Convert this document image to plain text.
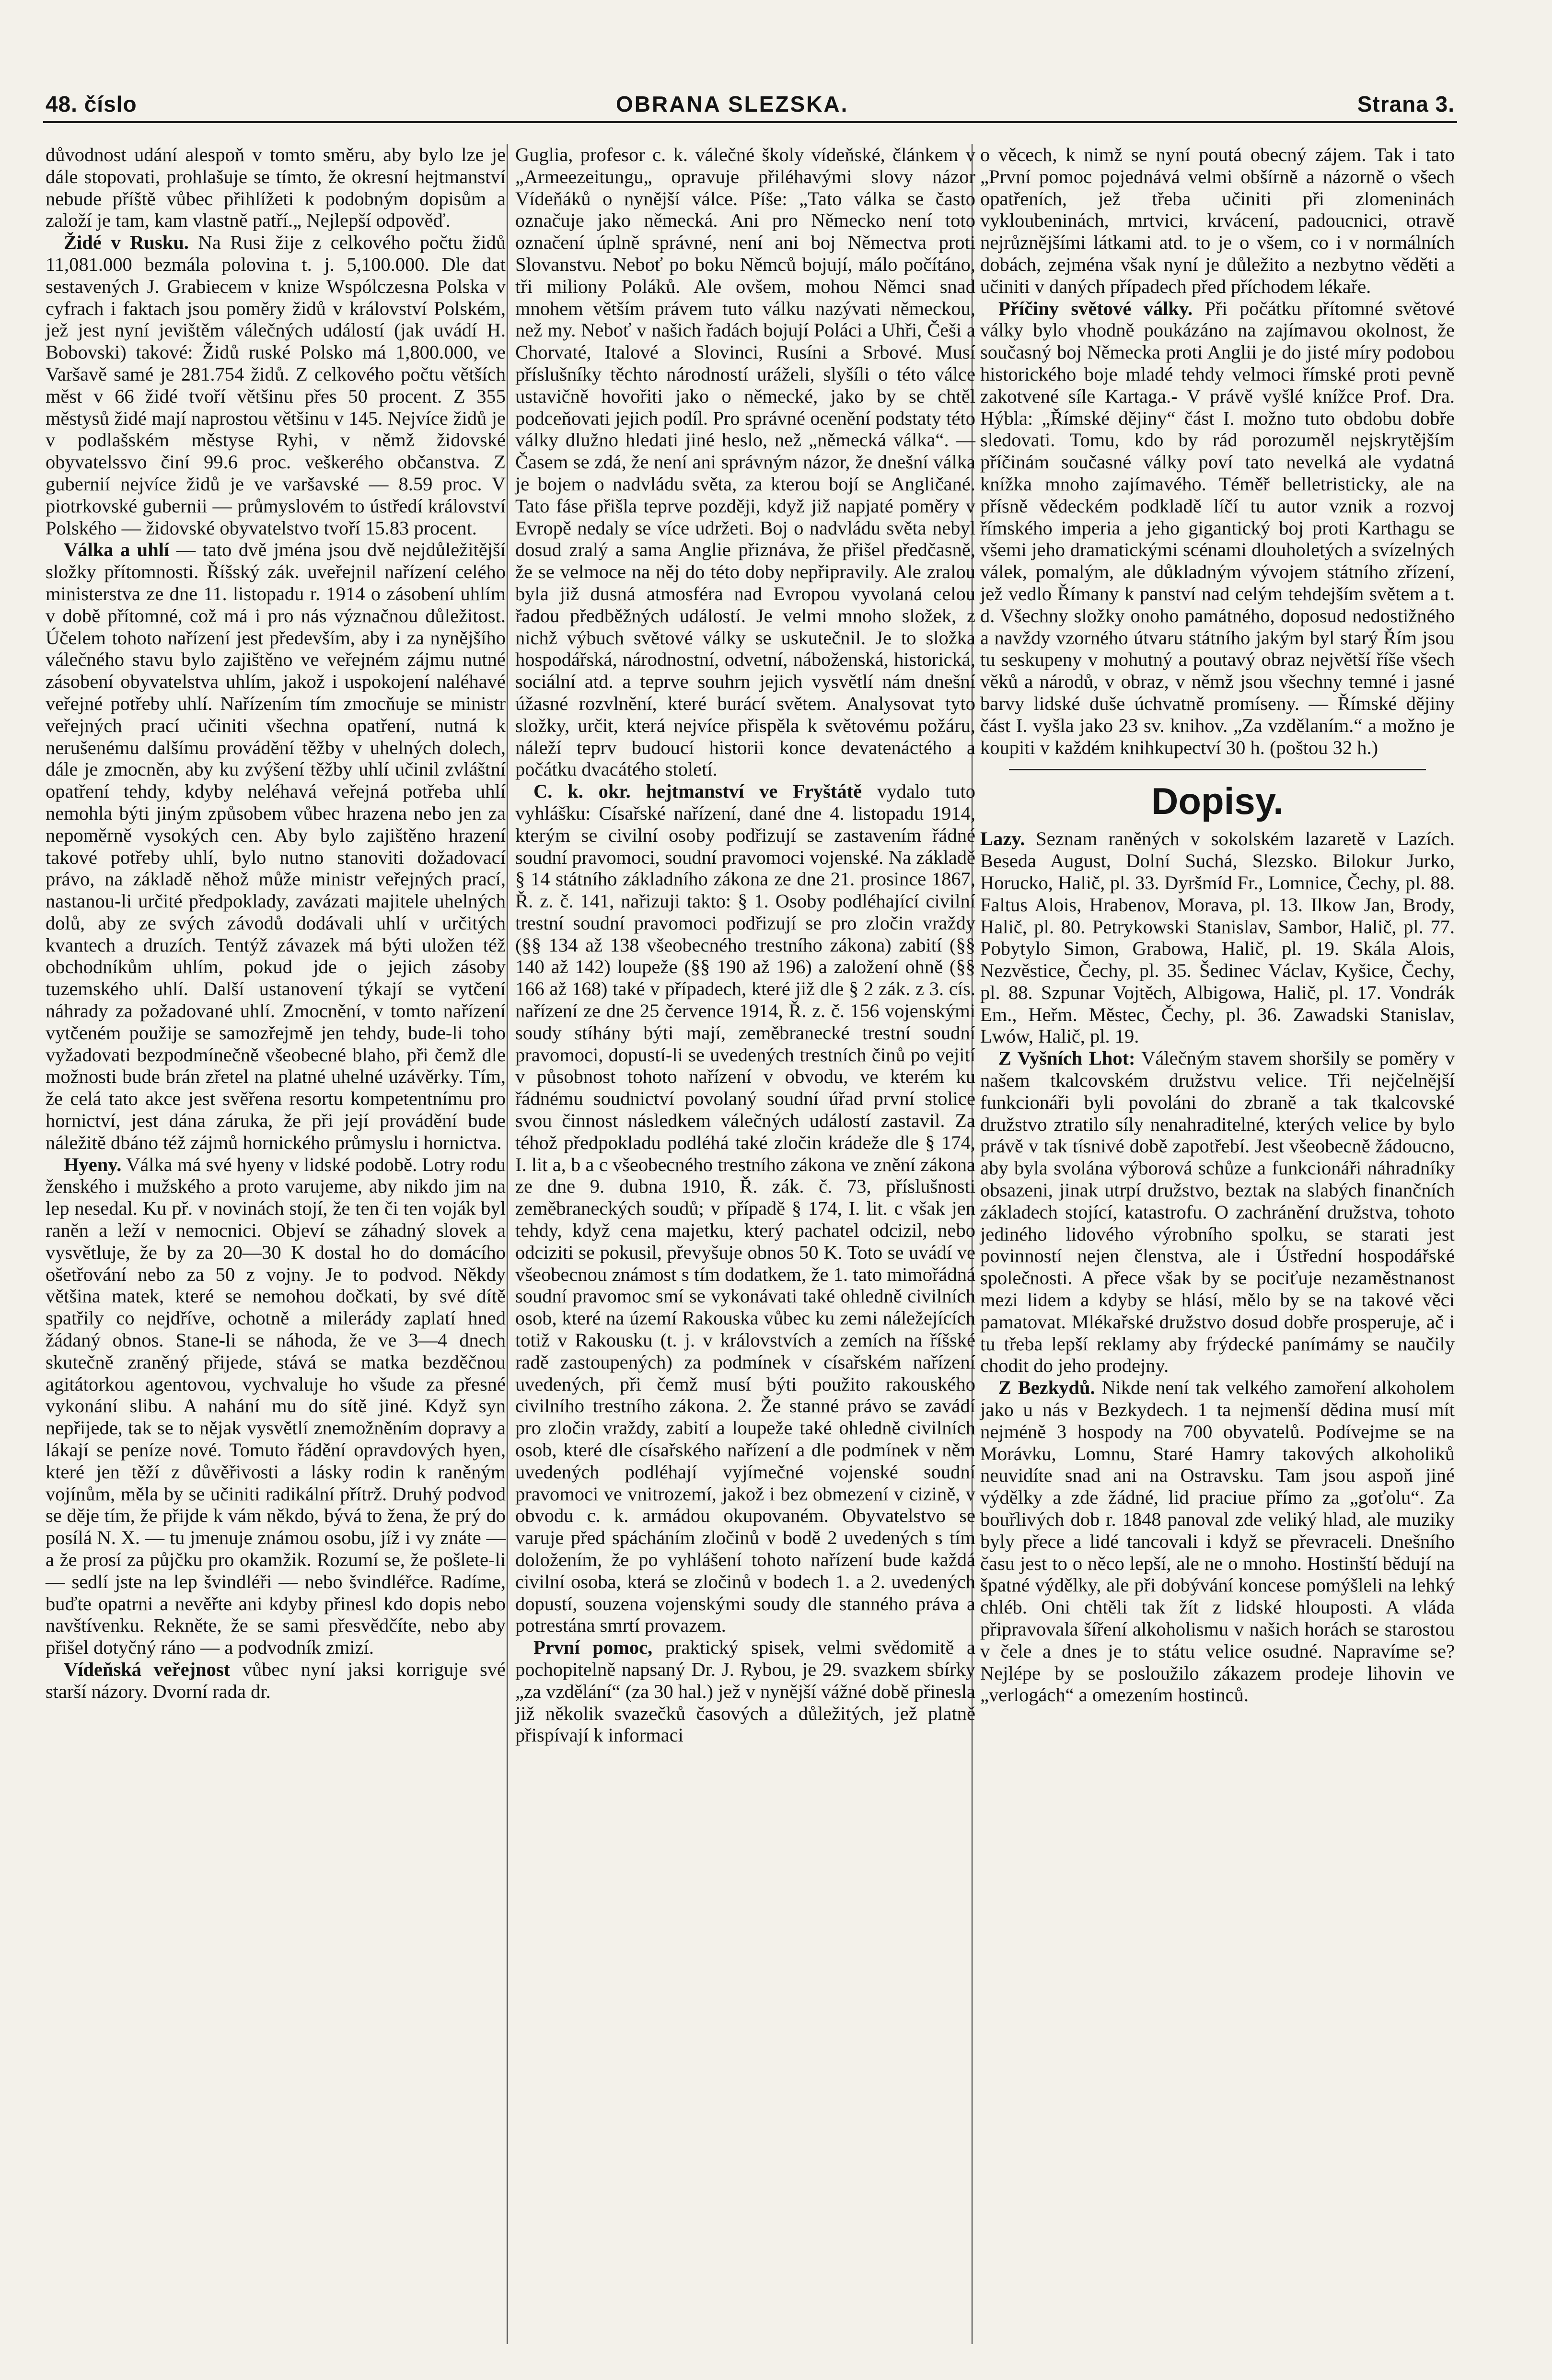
48. číslo	OBRANA SLEZSKA.	Strana 3.

důvodnost udání alespoň v tomto směru, aby bylo lze je dále stopovati, prohlašuje se tímto, že okresní hejtmanství nebude příště vůbec přihlížeti k podobným dopisům a založí je tam, kam vlastně patří.„ Nejlepší odpověď.

Židé v Rusku. Na Rusi žije z celkového počtu židů 11,081.000 bezmála polovina t. j. 5,100.000. Dle dat sestavených J. Grabiecem v knize Wspólczesna Polska v cyfrach i faktach jsou poměry židů v království Polském, jež jest nyní jevištěm válečných událostí (jak uvádí H. Bobovski) takové: Židů ruské Polsko má 1,800.000, ve Varšavě samé je 281.754 židů. Z celkového počtu větších měst v 66 židé tvoří většinu přes 50 procent. Z 355 městysů židé mají naprostou většinu v 145. Nejvíce židů je v podlašském městyse Ryhi, v němž židovské obyvatelssvo činí 99.6 proc. veškerého občanstva. Z gubernií nejvíce židů je ve varšavské — 8.59 proc. V piotrkovské gubernii — průmyslovém to ústředí království Polského — židovské obyvatelstvo tvoří 15.83 procent.

Válka a uhlí — tato dvě jména jsou dvě nejdůležitější složky přítomnosti. Říšský zák. uveřejnil nařízení celého ministerstva ze dne 11. listopadu r. 1914 o zásobení uhlím v době přítomné, což má i pro nás význačnou důležitost. Účelem tohoto nařízení jest především, aby i za nynějšího válečného stavu bylo zajištěno ve veřejném zájmu nutné zásobení obyvatelstva uhlím, jakož i uspokojení naléhavé veřejné potřeby uhlí. Nařízením tím zmocňuje se ministr veřejných prací učiniti všechna opatření, nutná k nerušenému dalšímu provádění těžby v uhelných dolech, dále je zmocněn, aby ku zvýšení těžby uhlí učinil zvláštní opatření tehdy, kdyby neléhavá veřejná potřeba uhlí nemohla býti jiným způsobem vůbec hrazena nebo jen za nepoměrně vysokých cen. Aby bylo zajištěno hrazení takové potřeby uhlí, bylo nutno stanoviti dožadovací právo, na základě něhož může ministr veřejných prací, nastanou-li určité předpoklady, zavázati majitele uhelných dolů, aby ze svých závodů dodávali uhlí v určitých kvantech a druzích. Tentýž závazek má býti uložen též obchodníkům uhlím, pokud jde o jejich zásoby tuzemského uhlí. Další ustanovení týkají se vytčení náhrady za požadované uhlí. Zmocnění, v tomto nařízení vytčeném použije se samozřejmě jen tehdy, bude-li toho vyžadovati bezpodmínečně všeobecné blaho, při čemž dle možnosti bude brán zřetel na platné uhelné uzávěrky. Tím, že celá tato akce jest svěřena resortu kompetentnímu pro hornictví, jest dána záruka, že při její provádění bude náležitě dbáno též zájmů hornického průmyslu i hornictva.

Hyeny. Válka má své hyeny v lidské podobě. Lotry rodu ženského i mužského a proto varujeme, aby nikdo jim na lep nesedal. Ku př. v novinách stojí, že ten či ten voják byl raněn a leží v nemocnici. Objeví se záhadný slovek a vysvětluje, že by za 20—30 K dostal ho do domácího ošetřování nebo za 50 z vojny. Je to podvod. Někdy většina matek, které se nemohou dočkati, by své dítě spatřily co nejdříve, ochotně a milerády zaplatí hned žádaný obnos. Stane-li se náhoda, že ve 3—4 dnech skutečně zraněný přijede, stává se matka bezděčnou agitátorkou agentovou, vychvaluje ho všude za přesné vykonání slibu. A nahání mu do sítě jiné. Když syn nepřijede, tak se to nějak vysvětlí znemožněním dopravy a lákají se peníze nové. Tomuto řádění opravdových hyen, které jen těží z důvěřivosti a lásky rodin k raněným vojínům, měla by se učiniti radikální přítrž. Druhý podvod se děje tím, že přijde k vám někdo, bývá to žena, že prý do posílá N. X. — tu jmenuje známou osobu, jíž i vy znáte — a že prosí za půjčku pro okamžik. Rozumí se, že pošlete-li — sedlí jste na lep švindléři — nebo švindléřce. Radíme, buďte opatrni a nevěřte ani kdyby přinesl kdo dopis nebo navštívenku. Rekněte, že se sami přesvědčíte, nebo aby přišel dotyčný ráno — a podvodník zmizí.

Vídeňská veřejnost vůbec nyní jaksi korriguje své starší názory. Dvorní rada dr.

Guglia, profesor c. k. válečné školy vídeňské, článkem v „Armeezeitungu„ opravuje přiléhavými slovy názor Vídeňáků o nynější válce. Píše: „Tato válka se často označuje jako německá. Ani pro Německo není toto označení úplně správné, není ani boj Němectva proti Slovanstvu. Neboť po boku Němců bojují, málo počítáno, tři miliony Poláků. Ale ovšem, mohou Němci snad mnohem větším právem tuto válku nazývati německou, než my. Neboť v našich řadách bojují Poláci a Uhři, Češi a Chorvaté, Italové a Slovinci, Rusíni a Srbové. Musí příslušníky těchto národností uráželi, slyšíli o této válce ustavičně hovořiti jako o německé, jako by se chtěl podceňovati jejich podíl. Pro správné ocenění podstaty této války dlužno hledati jiné heslo, než „německá válka“. — Časem se zdá, že není ani správným názor, že dnešní válka je bojem o nadvládu světa, za kterou bojí se Angličané. Tato fáse přišla teprve později, když již napjaté poměry v Evropě nedaly se více udržeti. Boj o nadvládu světa nebyl dosud zralý a sama Anglie přiznáva, že přišel předčasně, že se velmoce na něj do této doby nepřipravily. Ale zralou byla již dusná atmosféra nad Evropou vyvolaná celou řadou předběžných událostí. Je velmi mnoho složek, z nichž výbuch světové války se uskutečnil. Je to složka hospodářská, národnostní, odvetní, náboženská, historická, sociální atd. a teprve souhrn jejich vysvětlí nám dnešní úžasné rozvlnění, které burácí světem. Analysovat tyto složky, určit, která nejvíce přispěla k světovému požáru, náleží teprv budoucí historii konce devatenáctého a počátku dvacátého století.

C. k. okr. hejtmanství ve Fryštátě vydalo tuto vyhlášku: Císařské nařízení, dané dne 4. listopadu 1914, kterým se civilní osoby podřizují se zastavením řádné soudní pravomoci, soudní pravomoci vojenské. Na základě § 14 státního základního zákona ze dne 21. prosince 1867, Ř. z. č. 141, nařizuji takto: § 1. Osoby podléhající civilní trestní soudní pravomoci podřizují se pro zločin vraždy (§§ 134 až 138 všeobecného trestního zákona) zabití (§§ 140 až 142) loupeže (§§ 190 až 196) a založení ohně (§§ 166 až 168) také v případech, které již dle § 2 zák. z 3. cís. nařízení ze dne 25 července 1914, Ř. z. č. 156 vojenskými soudy stíhány býti mají, zeměbranecké trestní soudní pravomoci, dopustí-li se uvedených trestních činů po vejití v působnost tohoto nařízení v obvodu, ve kterém ku řádnému soudnictví povolaný soudní úřad první stolice svou činnost následkem válečných událostí zastavil. Za téhož předpokladu podléhá také zločin krádeže dle § 174, I. lit a, b a c všeobecného trestního zákona ve znění zákona ze dne 9. dubna 1910, Ř. zák. č. 73, příslušnosti zeměbraneckých soudů; v případě § 174, I. lit. c však jen tehdy, když cena majetku, který pachatel odcizil, nebo odciziti se pokusil, převyšuje obnos 50 K. Toto se uvádí ve všeobecnou známost s tím dodatkem, že 1. tato mimořádná soudní pravomoc smí se vykonávati také ohledně civilních osob, které na území Rakouska vůbec ku zemi náležejících totiž v Rakousku (t. j. v královstvích a zemích na říšské radě zastoupených) za podmínek v císařském nařízení uvedených, při čemž musí býti použito rakouského civilního trestního zákona. 2. Že stanné právo se zavádí pro zločin vraždy, zabití a loupeže také ohledně civilních osob, které dle císařského nařízení a dle podmínek v něm uvedených podléhají vyjímečné vojenské soudní pravomoci ve vnitrozemí, jakož i bez obmezení v cizině, v obvodu c. k. armádou okupovaném. Obyvatelstvo se varuje před spácháním zločinů v bodě 2 uvedených s tím doložením, že po vyhlášení tohoto nařízení bude každá civilní osoba, která se zločinů v bodech 1. a 2. uvedených dopustí, souzena vojenskými soudy dle stanného práva a potrestána smrtí provazem.

První pomoc, praktický spisek, velmi svědomitě a pochopitelně napsaný Dr. J. Rybou, je 29. svazkem sbírky „za vzdělání“ (za 30 hal.) jež v nynější vážné době přinesla již několik svazečků časových a důležitých, jež platně přispívají k informaci

o věcech, k nimž se nyní poutá obecný zájem. Tak i tato „První pomoc pojednává velmi obšírně a názorně o všech opatřeních, jež třeba učiniti při zlomeninách vykloubeninách, mrtvici, krvácení, padoucnici, otravě nejrůznějšími látkami atd. to je o všem, co i v normálních dobách, zejména však nyní je důležito a nezbytno věděti a učiniti v daných případech před příchodem lékaře.

Příčiny světové války. Při počátku přítomné světové války bylo vhodně poukázáno na zajímavou okolnost, že současný boj Německa proti Anglii je do jisté míry podobou historického boje mladé tehdy velmoci římské proti pevně zakotvené síle Kartaga.- V právě vyšlé knížce Prof. Dra. Hýbla: „Římské dějiny“ část I. možno tuto obdobu dobře sledovati. Tomu, kdo by rád porozuměl nejskrytějším příčinám současné války poví tato nevelká ale vydatná knížka mnoho zajímavého. Téměř belletristicky, ale na přísně vědeckém podkladě líčí tu autor vznik a rozvoj římského imperia a jeho gigantický boj proti Karthagu se všemi jeho dramatickými scénami dlouholetých a svízelných válek, pomalým, ale důkladným vývojem státního zřízení, jež vedlo Římany k panství nad celým tehdejším světem a t. d. Všechny složky onoho památného, doposud nedostižného a navždy vzorného útvaru státního jakým byl starý Řím jsou tu seskupeny v mohutný a poutavý obraz největší říše všech věků a národů, v obraz, v němž jsou všechny temné i jasné barvy lidské duše úchvatně promíseny. — Římské dějiny část I. vyšla jako 23 sv. knihov. „Za vzdělaním.“ a možno je koupiti v každém knihkupectví 30 h. (poštou 32 h.)

Dopisy.

Lazy. Seznam raněných v sokolském lazaretě v Lazích. Beseda August, Dolní Suchá, Slezsko. Bilokur Jurko, Horucko, Halič, pl. 33. Dyršmíd Fr., Lomnice, Čechy, pl. 88. Faltus Alois, Hrabenov, Morava, pl. 13. Ilkow Jan, Brody, Halič, pl. 80. Petrykowski Stanislav, Sambor, Halič, pl. 77. Pobytylo Simon, Grabowa, Halič, pl. 19. Skála Alois, Nezvěstice, Čechy, pl. 35. Šedinec Václav, Kyšice, Čechy, pl. 88. Szpunar Vojtěch, Albigowa, Halič, pl. 17. Vondrák Em., Heřm. Městec, Čechy, pl. 36. Zawadski Stanislav, Lwów, Halič, pl. 19.

Z Vyšních Lhot: Válečným stavem shoršily se poměry v našem tkalcovském družstvu velice. Tři nejčelnější funkcionáři byli povoláni do zbraně a tak tkalcovské družstvo ztratilo síly nenahraditelné, kterých velice by bylo právě v tak tísnivé době zapotřebí. Jest všeobecně žádoucno, aby byla svolána výborová schůze a funkcionáři náhradníky obsazeni, jinak utrpí družstvo, beztak na slabých finančních základech stojící, katastrofu. O zachránění družstva, tohoto jediného lidového výrobního spolku, se starati jest povinností nejen členstva, ale i Ústřední hospodářské společnosti. A přece však by se pociťuje nezaměstnanost mezi lidem a kdyby se hlásí, mělo by se na takové věci pamatovat. Mlékařské družstvo dosud dobře prosperuje, ač i tu třeba lepší reklamy aby frýdecké panímámy se naučily chodit do jeho prodejny.

Z Bezkydů. Nikde není tak velkého zamoření alkoholem jako u nás v Bezkydech. 1 ta nejmenší dědina musí mít nejméně 3 hospody na 700 obyvatelů. Podívejme se na Morávku, Lomnu, Staré Hamry takových alkoholiků neuvidíte snad ani na Ostravsku. Tam jsou aspoň jiné výdělky a zde žádné, lid praciue přímo za „goťolu“. Za bouřlivých dob r. 1848 panoval zde veliký hlad, ale muziky byly přece a lidé tancovali i když se převraceli. Dnešního času jest to o něco lepší, ale ne o mnoho. Hostinští bědují na špatné výdělky, ale při dobývání koncese pomýšleli na lehký chléb. Oni chtěli tak žít z lidské hlouposti. A vláda připravovala šíření alkoholismu v našich horách se starostou v čele a dnes je to státu velice osudné. Napravíme se? Nejlépe by se posloužilo zákazem prodeje lihovin ve „verlogách“ a omezením hostinců.
